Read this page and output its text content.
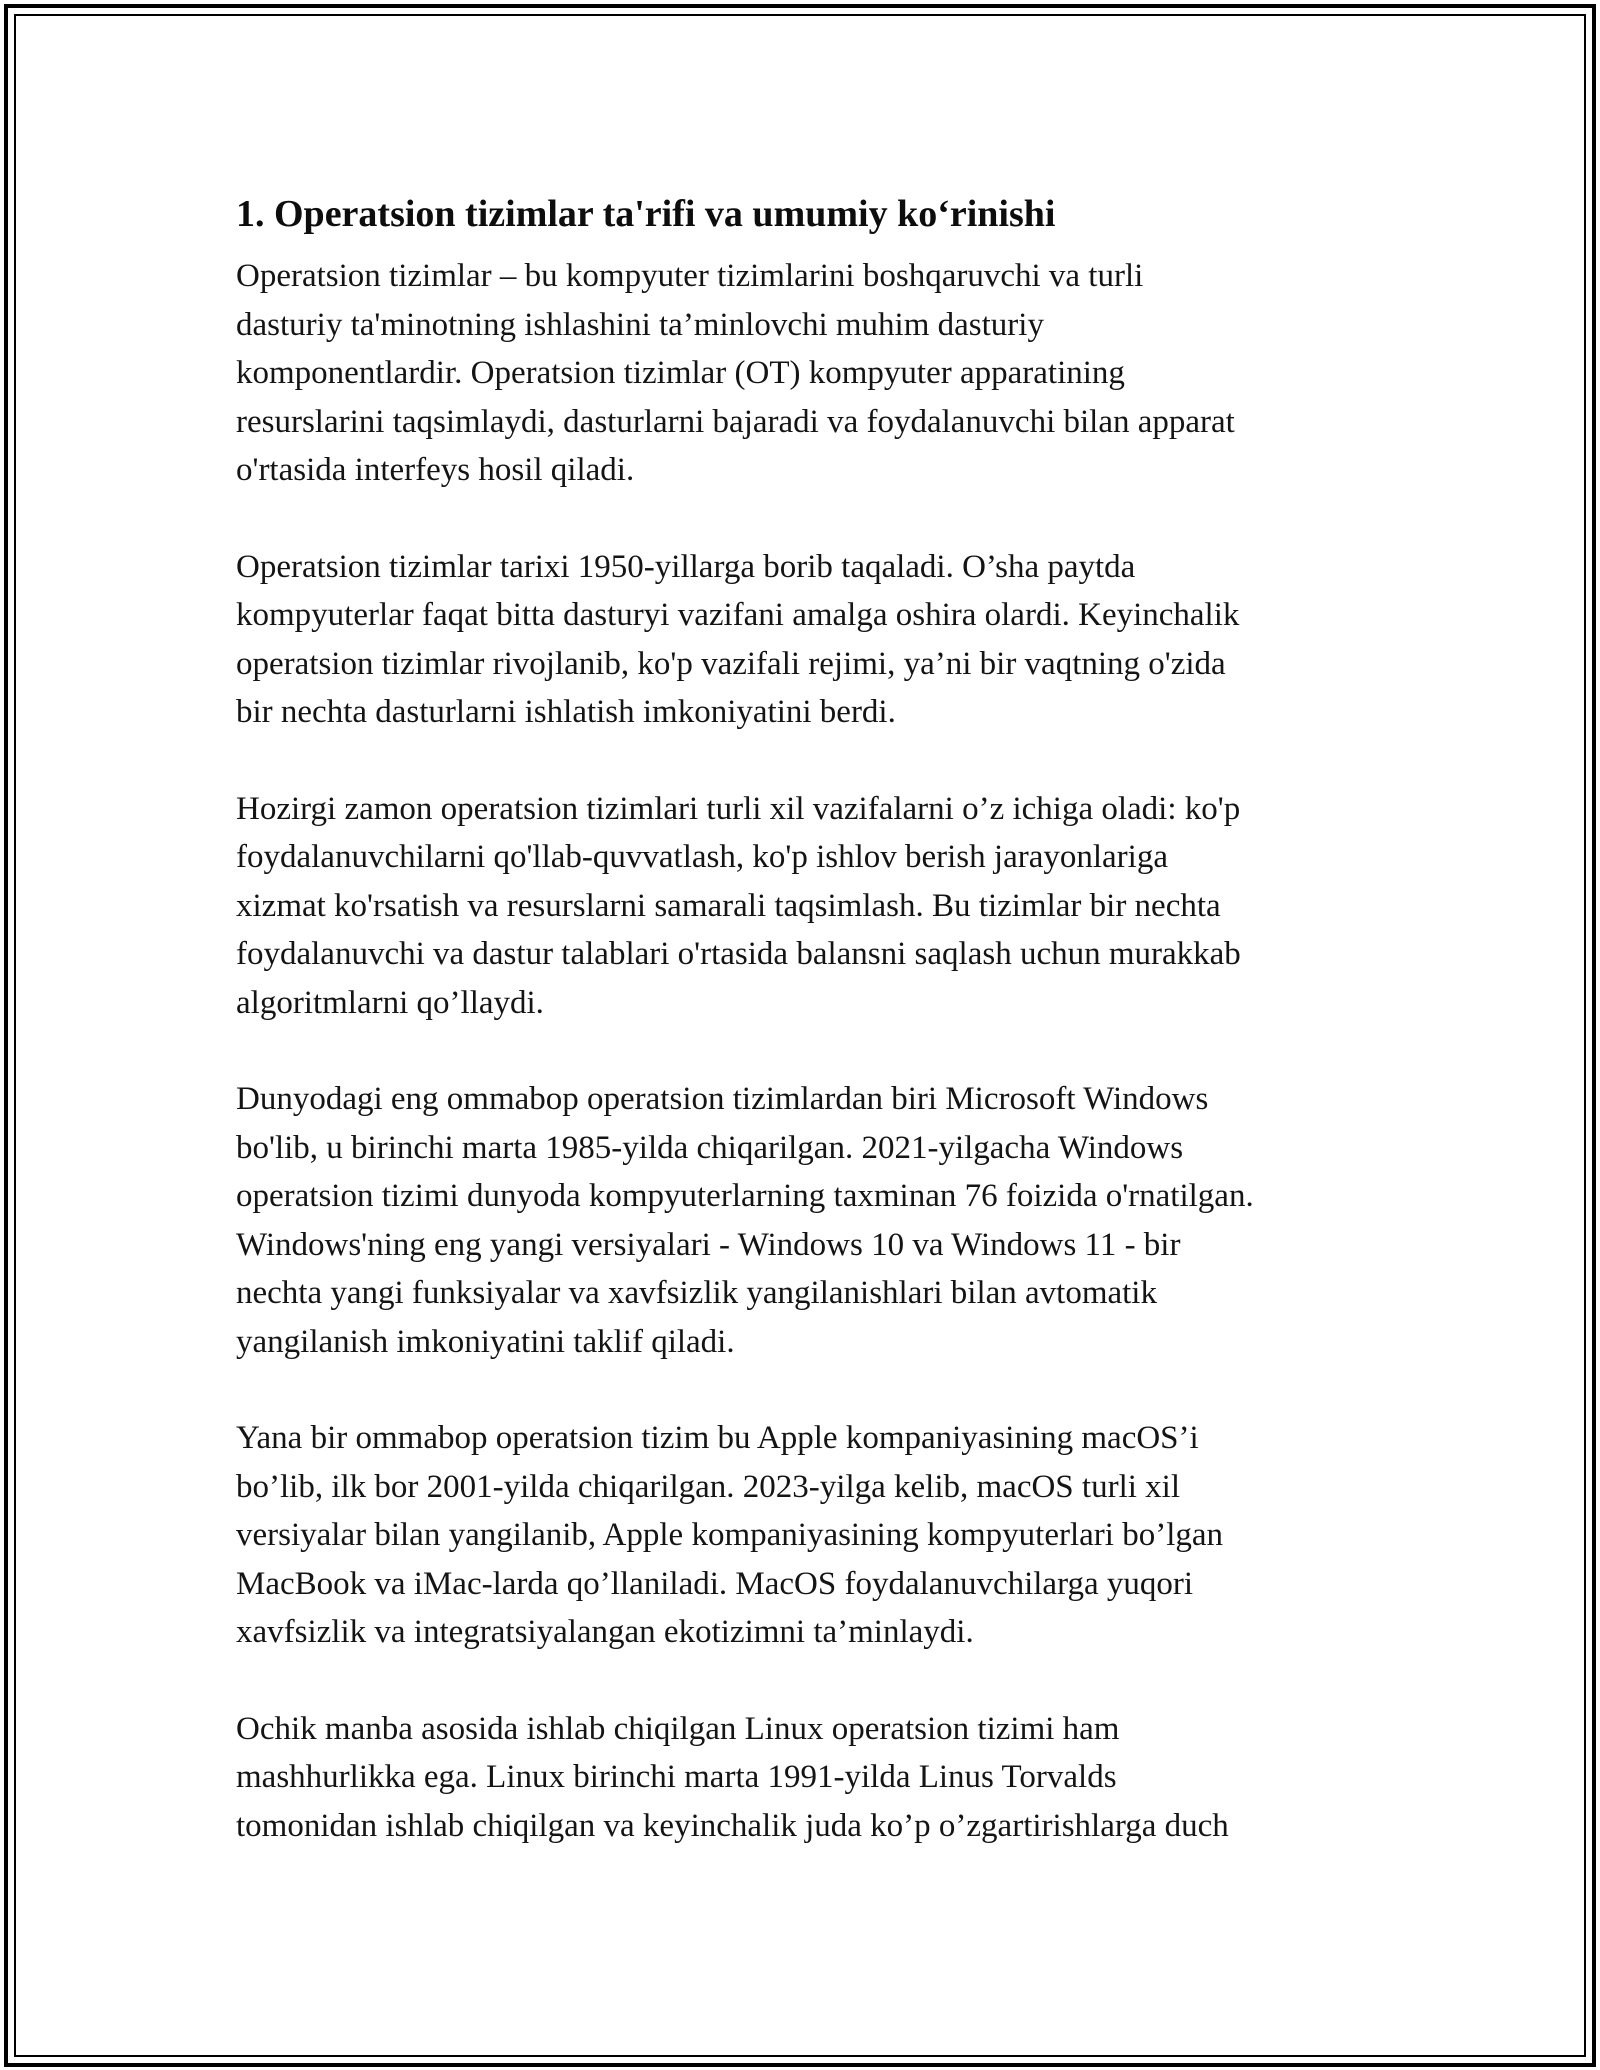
1. Operatsion tizimlar ta'rifi va umumiy ko‘rinishi
Operatsion tizimlar – bu kompyuter tizimlarini boshqaruvchi va turli
dasturiy ta'minotning ishlashini ta’minlovchi muhim dasturiy
komponentlardir. Operatsion tizimlar (OT) kompyuter apparatining
resurslarini taqsimlaydi, dasturlarni bajaradi va foydalanuvchi bilan apparat
o'rtasida interfeys hosil qiladi.
Operatsion tizimlar tarixi 1950-yillarga borib taqaladi. O’sha paytda
kompyuterlar faqat bitta dasturyi vazifani amalga oshira olardi. Keyinchalik
operatsion tizimlar rivojlanib, ko'p vazifali rejimi, ya’ni bir vaqtning o'zida
bir nechta dasturlarni ishlatish imkoniyatini berdi.
Hozirgi zamon operatsion tizimlari turli xil vazifalarni o’z ichiga oladi: ko'p
foydalanuvchilarni qo'llab-quvvatlash, ko'p ishlov berish jarayonlariga
xizmat ko'rsatish va resurslarni samarali taqsimlash. Bu tizimlar bir nechta
foydalanuvchi va dastur talablari o'rtasida balansni saqlash uchun murakkab
algoritmlarni qo’llaydi.
Dunyodagi eng ommabop operatsion tizimlardan biri Microsoft Windows
bo'lib, u birinchi marta 1985-yilda chiqarilgan. 2021-yilgacha Windows
operatsion tizimi dunyoda kompyuterlarning taxminan 76 foizida o'rnatilgan.
Windows'ning eng yangi versiyalari - Windows 10 va Windows 11 - bir
nechta yangi funksiyalar va xavfsizlik yangilanishlari bilan avtomatik
yangilanish imkoniyatini taklif qiladi.
Yana bir ommabop operatsion tizim bu Apple kompaniyasining macOS’i
bo’lib, ilk bor 2001-yilda chiqarilgan. 2023-yilga kelib, macOS turli xil
versiyalar bilan yangilanib, Apple kompaniyasining kompyuterlari bo’lgan
MacBook va iMac-larda qo’llaniladi. MacOS foydalanuvchilarga yuqori
xavfsizlik va integratsiyalangan ekotizimni ta’minlaydi.
Ochik manba asosida ishlab chiqilgan Linux operatsion tizimi ham
mashhurlikka ega. Linux birinchi marta 1991-yilda Linus Torvalds
tomonidan ishlab chiqilgan va keyinchalik juda ko’p o’zgartirishlarga duch
